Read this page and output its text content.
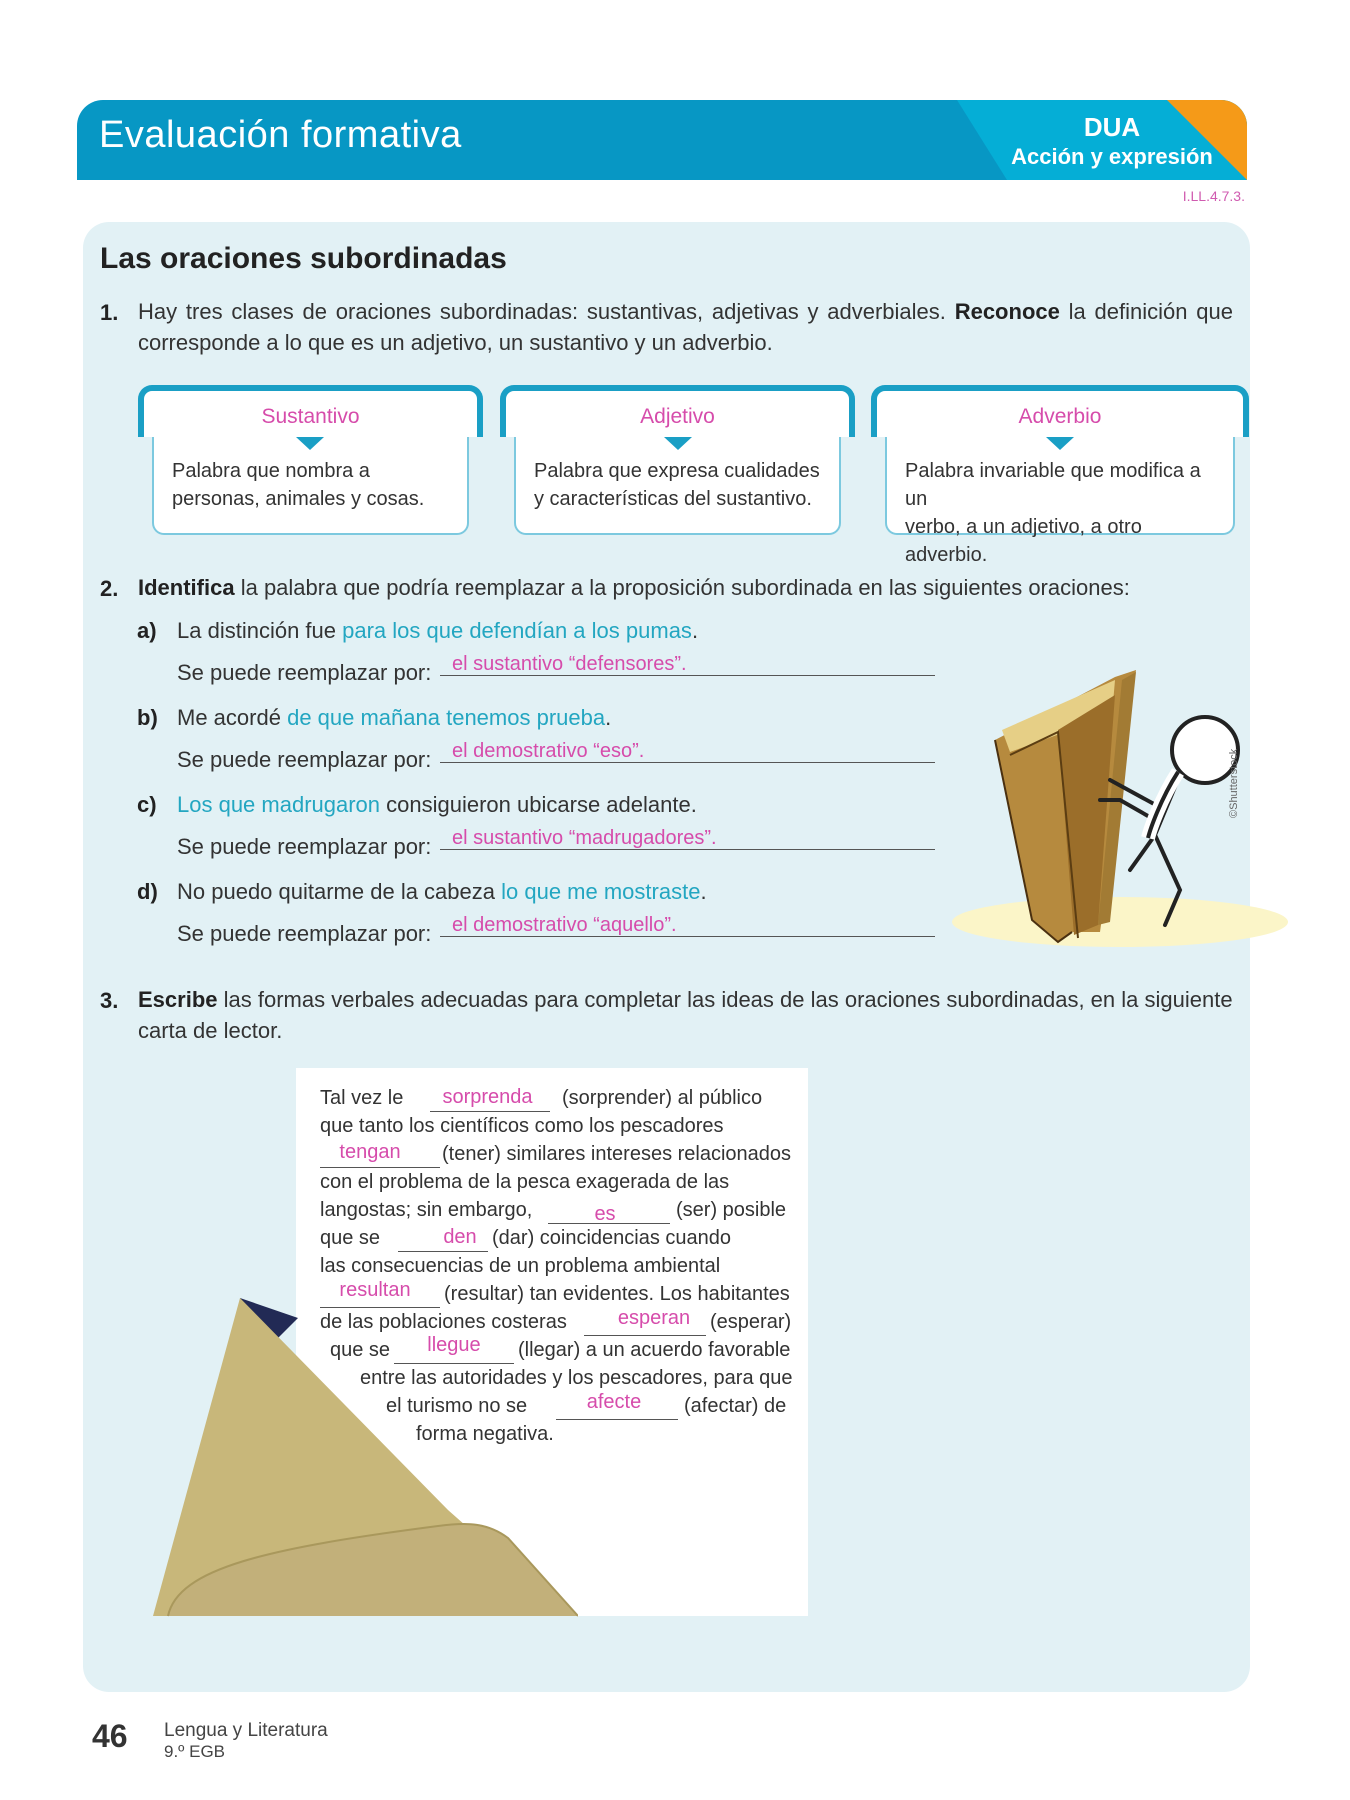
Evaluación formativa	DUA
Acción y expresión
I.LL.4.7.3.
Las oraciones subordinadas
1. Hay tres clases de oraciones subordinadas: sustantivas, adjetivas y adverbiales. Reconoce la definición que
corresponde a lo que es un adjetivo, un sustantivo y un adverbio.
Sustantivo
Palabra que nombra a
personas, animales y cosas.
Adjetivo
Palabra que expresa cualidades
y características del sustantivo.
Adverbio
Palabra invariable que modifica a un
verbo, a un adjetivo, a otro adverbio.
2. Identifica la palabra que podría reemplazar a la proposición subordinada en las siguientes oraciones:
a) La distinción fue para los que defendían a los pumas.
Se puede reemplazar por: el sustantivo “defensores”.
b) Me acordé de que mañana tenemos prueba.
Se puede reemplazar por: el demostrativo “eso”.
c) Los que madrugaron consiguieron ubicarse adelante.
Se puede reemplazar por: el sustantivo “madrugadores”.
d) No puedo quitarme de la cabeza lo que me mostraste.
Se puede reemplazar por: el demostrativo “aquello”.
©Shutterstock
3. Escribe las formas verbales adecuadas para completar las ideas de las oraciones subordinadas, en la siguiente
carta de lector.
Tal vez le	sorprenda	(sorprender) al público
que tanto los científicos como los pescadores
tengan	(tener) similares intereses relacionados
con el problema de la pesca exagerada de las
langostas; sin embargo,	es	(ser) posible
que se	den (dar) coincidencias cuando
las consecuencias de un problema ambiental
resultan	(resultar) tan evidentes. Los habitantes
de las poblaciones costeras	esperan (esperar)
que se	llegue	(llegar) a un acuerdo favorable
entre las autoridades y los pescadores, para que
el turismo no se	afecte	(afectar) de
forma negativa.
46 Lengua y Literatura
9.º EGB
